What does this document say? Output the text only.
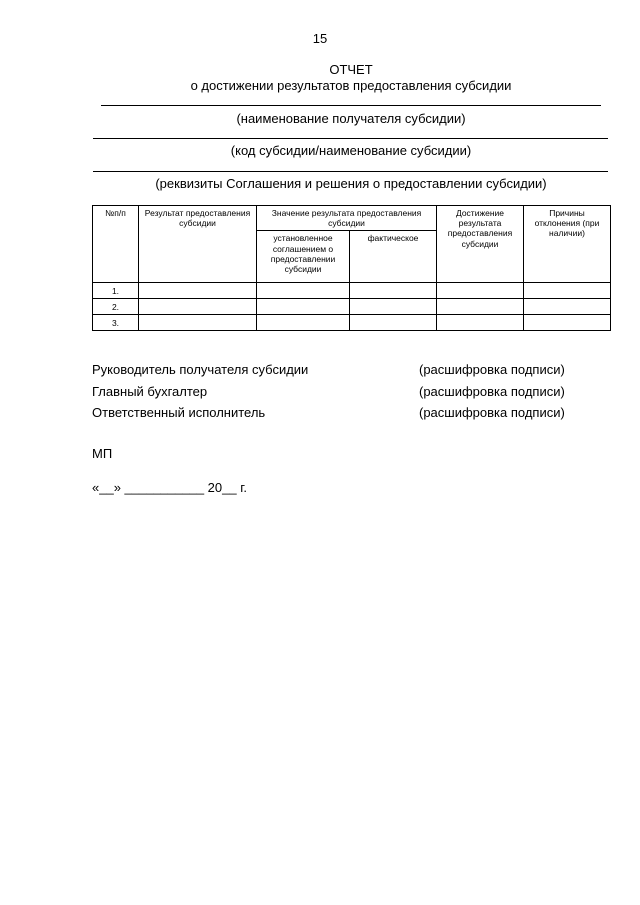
15
ОТЧЕТ
о достижении результатов предоставления субсидии
(наименование получателя субсидии)
(код субсидии/наименование субсидии)
(реквизиты Соглашения и решения о предоставлении субсидии)
№п/п	Результат предоставления субсидии	Значение результата предоставления субсидии		Достижение результата предоставления субсидии	Причины отклонения (при наличии)
		установленное соглашением о предоставлении субсидии	фактическое		
1.					
2.					
3.					
Руководитель получателя субсидии	(расшифровка подписи)
Главный бухгалтер	(расшифровка подписи)
Ответственный исполнитель	(расшифровка подписи)
МП
«__» ___________ 20__ г.
